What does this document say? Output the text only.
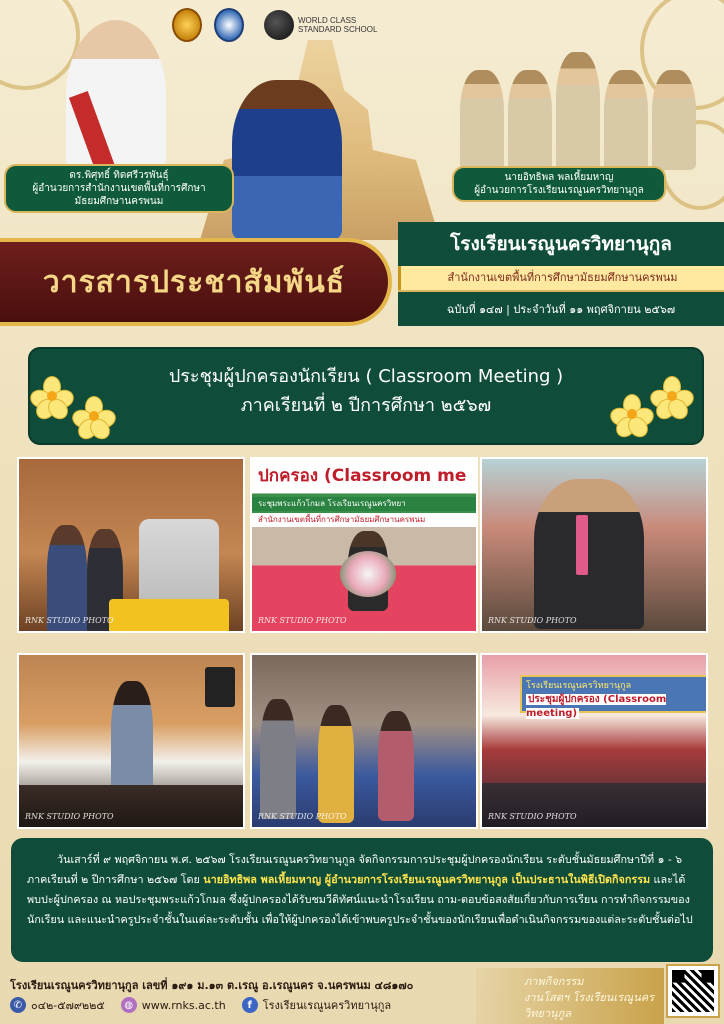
WORLD CLASS
STANDARD SCHOOL
ดร.พิศุทธิ์ ทิดศรีวรพันธุ์
ผู้อำนวยการสำนักงานเขตพื้นที่การศึกษา
มัธยมศึกษานครพนม
นายอิทธิพล พลเหี้ยมหาญ
ผู้อำนวยการโรงเรียนเรณูนครวิทยานุกูล
วารสารประชาสัมพันธ์
โรงเรียนเรณูนครวิทยานุกูล
สำนักงานเขตพื้นที่การศึกษามัธยมศึกษานครพนม
ฉบับที่ ๑๔๗ | ประจำวันที่ ๑๑ พฤศจิกายน ๒๕๖๗
ประชุมผู้ปกครองนักเรียน ( Classroom Meeting )
ภาคเรียนที่ ๒ ปีการศึกษา ๒๕๖๗
RNK STUDIO PHOTO
ปกครอง (Classroom me
ระชุมพระแก้วโกมล โรงเรียนเรณูนครวิทยา
สำนักงานเขตพื้นที่การศึกษามัธยมศึกษานครพนม
RNK STUDIO PHOTO	RNK STUDIO PHOTO
RNK STUDIO PHOTO	RNK STUDIO PHOTO
โรงเรียนเรณูนครวิทยานุกูล
ประชุมผู้ปกครอง (Classroom meeting)
RNK STUDIO PHOTO
วันเสาร์ที่ ๙ พฤศจิกายน พ.ศ. ๒๕๖๗ โรงเรียนเรณูนครวิทยานุกูล จัดกิจกรรมการประชุมผู้ปกครองนักเรียน ระดับชั้นมัธยมศึกษาปีที่ ๑ - ๖ ภาคเรียนที่ ๒ ปีการศึกษา ๒๕๖๗ โดย นายอิทธิพล พลเหี้ยมหาญ ผู้อำนวยการโรงเรียนเรณูนครวิทยานุกูล เป็นประธานในพิธีเปิดกิจกรรม และได้พบปะผู้ปกครอง ณ หอประชุมพระแก้วโกมล ซึ่งผู้ปกครองได้รับชมวีดิทัศน์แนะนำโรงเรียน ถาม-ตอบข้อสงสัยเกี่ยวกับการเรียน การทำกิจกรรมของนักเรียน และแนะนำครูประจำชั้นในแต่ละระดับชั้น เพื่อให้ผู้ปกครองได้เข้าพบครูประจำชั้นของนักเรียนเพื่อดำเนินกิจกรรมของแต่ละระดับชั้นต่อไป
โรงเรียนเรณูนครวิทยานุกูล เลขที่ ๑๙๑ ม.๑๓ ต.เรณู อ.เรณูนคร จ.นครพนม ๔๘๑๗๐
✆ ๐๔๒-๕๗๙๒๒๕	◍ www.rnks.ac.th	f โรงเรียนเรณูนครวิทยานุกูล
ภาพกิจกรรม
งานโสตฯ โรงเรียนเรณูนครวิทยานุกูล
